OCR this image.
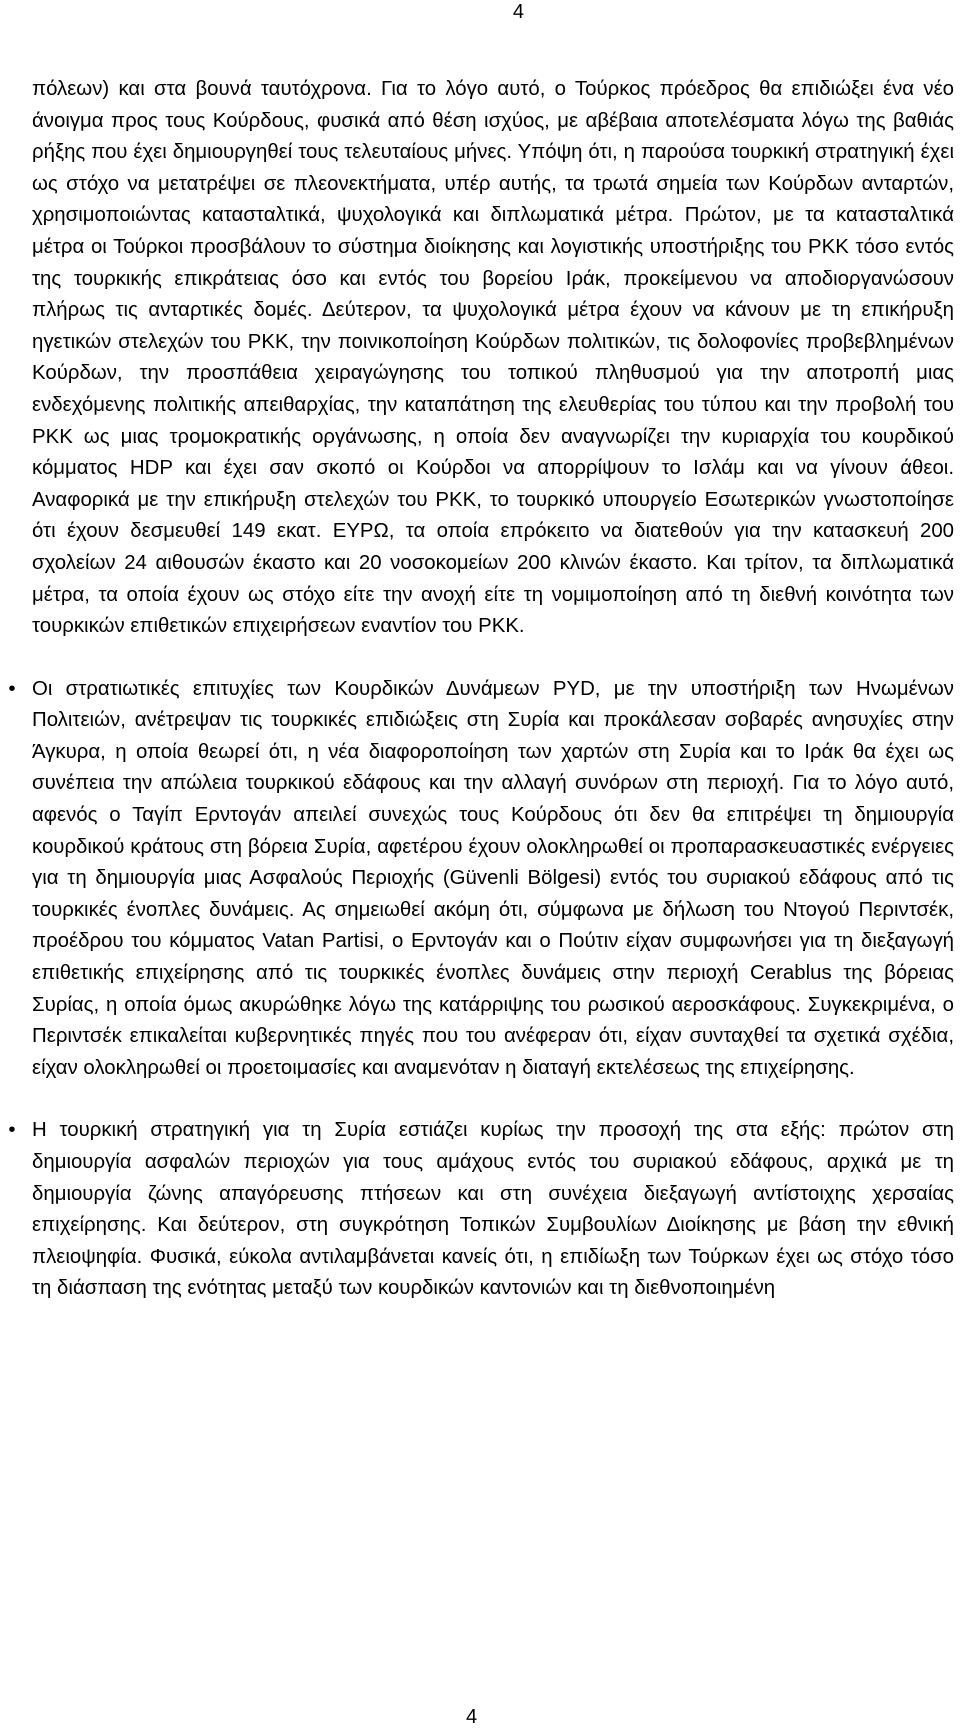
4

πόλεων) και στα βουνά ταυτόχρονα. Για το λόγο αυτό, ο Τούρκος πρόεδρος θα επιδιώξει ένα νέο άνοιγμα προς τους Κούρδους, φυσικά από θέση ισχύος, με αβέβαια αποτελέσματα λόγω της βαθιάς ρήξης που έχει δημιουργηθεί τους τελευταίους μήνες. Υπόψη ότι, η παρούσα τουρκική στρατηγική έχει ως στόχο να μετατρέψει σε πλεονεκτήματα, υπέρ αυτής, τα τρωτά σημεία των Κούρδων ανταρτών, χρησιμοποιώντας κατασταλτικά, ψυχολογικά και διπλωματικά μέτρα. Πρώτον, με τα κατασταλτικά μέτρα οι Τούρκοι προσβάλουν το σύστημα διοίκησης και λογιστικής υποστήριξης του PKK τόσο εντός της τουρκικής επικράτειας όσο και εντός του βορείου Ιράκ, προκείμενου να αποδιοργανώσουν πλήρως τις ανταρτικές δομές. Δεύτερον, τα ψυχολογικά μέτρα έχουν να κάνουν με τη επικήρυξη ηγετικών στελεχών του PKK, την ποινικοποίηση Κούρδων πολιτικών, τις δολοφονίες προβεβλημένων Κούρδων, την προσπάθεια χειραγώγησης του τοπικού πληθυσμού για την αποτροπή μιας ενδεχόμενης πολιτικής απειθαρχίας, την καταπάτηση της ελευθερίας του τύπου και την προβολή του PKK ως μιας τρομοκρατικής οργάνωσης, η οποία δεν αναγνωρίζει την κυριαρχία του κουρδικού κόμματος HDP και έχει σαν σκοπό οι Κούρδοι να απορρίψουν το Ισλάμ και να γίνουν άθεοι. Αναφορικά με την επικήρυξη στελεχών του PKK, το τουρκικό υπουργείο Εσωτερικών γνωστοποίησε ότι έχουν δεσμευθεί 149 εκατ. ΕΥΡΩ, τα οποία επρόκειτο να διατεθούν για την κατασκευή 200 σχολείων 24 αιθουσών έκαστο και 20 νοσοκομείων 200 κλινών έκαστο. Και τρίτον, τα διπλωματικά μέτρα, τα οποία έχουν ως στόχο είτε την ανοχή είτε τη νομιμοποίηση από τη διεθνή κοινότητα των τουρκικών επιθετικών επιχειρήσεων εναντίον του PKK.

• Οι στρατιωτικές επιτυχίες των Κουρδικών Δυνάμεων PYD, με την υποστήριξη των Ηνωμένων Πολιτειών, ανέτρεψαν τις τουρκικές επιδιώξεις στη Συρία και προκάλεσαν σοβαρές ανησυχίες στην Άγκυρα, η οποία θεωρεί ότι, η νέα διαφοροποίηση των χαρτών στη Συρία και το Ιράκ θα έχει ως συνέπεια την απώλεια τουρκικού εδάφους και την αλλαγή συνόρων στη περιοχή. Για το λόγο αυτό, αφενός ο Ταγίπ Ερντογάν απειλεί συνεχώς τους Κούρδους ότι δεν θα επιτρέψει τη δημιουργία κουρδικού κράτους στη βόρεια Συρία, αφετέρου έχουν ολοκληρωθεί οι προπαρασκευαστικές ενέργειες για τη δημιουργία μιας Ασφαλούς Περιοχής (Güvenli Bölgesi) εντός του συριακού εδάφους από τις τουρκικές ένοπλες δυνάμεις. Ας σημειωθεί ακόμη ότι, σύμφωνα με δήλωση του Ντογού Περιντσέκ, προέδρου του κόμματος Vatan Partisi, ο Ερντογάν και ο Πούτιν είχαν συμφωνήσει για τη διεξαγωγή επιθετικής επιχείρησης από τις τουρκικές ένοπλες δυνάμεις στην περιοχή Cerablus της βόρειας Συρίας, η οποία όμως ακυρώθηκε λόγω της κατάρριψης του ρωσικού αεροσκάφους. Συγκεκριμένα, ο Περιντσέκ επικαλείται κυβερνητικές πηγές που του ανέφεραν ότι, είχαν συνταχθεί τα σχετικά σχέδια, είχαν ολοκληρωθεί οι προετοιμασίες και αναμενόταν η διαταγή εκτελέσεως της επιχείρησης.
• Η τουρκική στρατηγική για τη Συρία εστιάζει κυρίως την προσοχή της στα εξής: πρώτον στη δημιουργία ασφαλών περιοχών για τους αμάχους εντός του συριακού εδάφους, αρχικά με τη δημιουργία ζώνης απαγόρευσης πτήσεων και στη συνέχεια διεξαγωγή αντίστοιχης χερσαίας επιχείρησης. Και δεύτερον, στη συγκρότηση Τοπικών Συμβουλίων Διοίκησης με βάση την εθνική πλειοψηφία. Φυσικά, εύκολα αντιλαμβάνεται κανείς ότι, η επιδίωξη των Τούρκων έχει ως στόχο τόσο τη διάσπαση της ενότητας μεταξύ των κουρδικών καντονιών και τη διεθνοποιημένη
4
